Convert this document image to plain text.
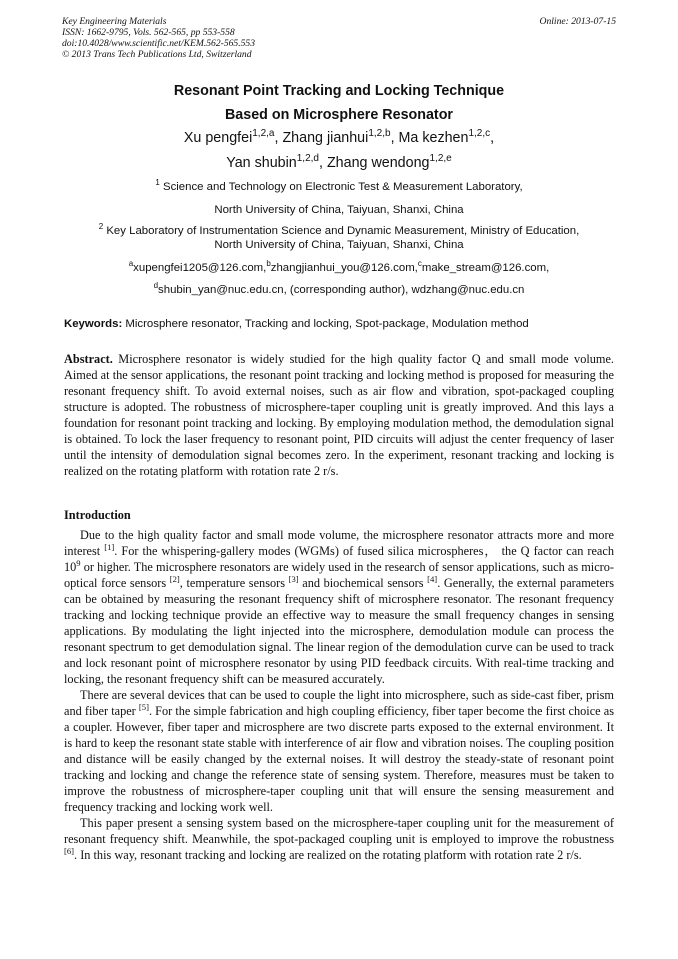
Key Engineering Materials
ISSN: 1662-9795, Vols. 562-565, pp 553-558
doi:10.4028/www.scientific.net/KEM.562-565.553
© 2013 Trans Tech Publications Ltd, Switzerland
Online: 2013-07-15
Resonant Point Tracking and Locking Technique
Based on Microsphere Resonator
Xu pengfei$^{1,2,a}$, Zhang jianhui$^{1,2,b}$, Ma kezhen$^{1,2,c}$,
Yan shubin$^{1,2,d}$, Zhang wendong$^{1,2,e}$
$^1$ Science and Technology on Electronic Test & Measurement Laboratory,
North University of China, Taiyuan, Shanxi, China
$^2$ Key Laboratory of Instrumentation Science and Dynamic Measurement, Ministry of Education,
North University of China, Taiyuan, Shanxi, China
$^a$xupengfei1205@126.com,$^b$zhangjianhui_you@126.com,$^c$make_stream@126.com,
$^d$shubin_yan@nuc.edu.cn, (corresponding author), wdzhang@nuc.edu.cn
Keywords: Microsphere resonator, Tracking and locking, Spot-package, Modulation method
Abstract. Microsphere resonator is widely studied for the high quality factor Q and small mode volume. Aimed at the sensor applications, the resonant point tracking and locking method is proposed for measuring the resonant frequency shift. To avoid external noises, such as air flow and vibration, spot-packaged coupling structure is adopted. The robustness of microsphere-taper coupling unit is greatly improved. And this lays a foundation for resonant point tracking and locking. By employing modulation method, the demodulation signal is obtained. To lock the laser frequency to resonant point, PID circuits will adjust the center frequency of laser until the intensity of demodulation signal becomes zero. In the experiment, resonant tracking and locking is realized on the rotating platform with rotation rate 2 r/s.
Introduction

Due to the high quality factor and small mode volume, the microsphere resonator attracts more and more interest [1]. For the whispering-gallery modes (WGMs) of fused silica microspheres， the Q factor can reach $10^9$ or higher. The microsphere resonators are widely used in the research of sensor applications, such as micro-optical force sensors [2], temperature sensors [3] and biochemical sensors [4]. Generally, the external parameters can be obtained by measuring the resonant frequency shift of microsphere resonator. The resonant frequency tracking and locking technique provide an effective way to measure the small frequency changes in sensing applications. By modulating the light injected into the microsphere, demodulation module can process the resonant spectrum to get demodulation signal. The linear region of the demodulation curve can be used to track and lock resonant point of microsphere resonator by using PID feedback circuits. With real-time tracking and locking, the resonant frequency shift can be measured accurately.

There are several devices that can be used to couple the light into microsphere, such as side-cast fiber, prism and fiber taper [5]. For the simple fabrication and high coupling efficiency, fiber taper become the first choice as a coupler. However, fiber taper and microsphere are two discrete parts exposed to the external environment. It is hard to keep the resonant state stable with interference of air flow and vibration noises. The coupling position and distance will be easily changed by the external noises. It will destroy the steady-state of resonant point tracking and locking and change the reference state of sensing system. Therefore, measures must be taken to improve the robustness of microsphere-taper coupling unit that will ensure the sensing measurement and frequency tracking and locking work well.

This paper present a sensing system based on the microsphere-taper coupling unit for the measurement of resonant frequency shift. Meanwhile, the spot-packaged coupling unit is employed to improve the robustness [6]. In this way, resonant tracking and locking are realized on the rotating platform with rotation rate 2 r/s.
